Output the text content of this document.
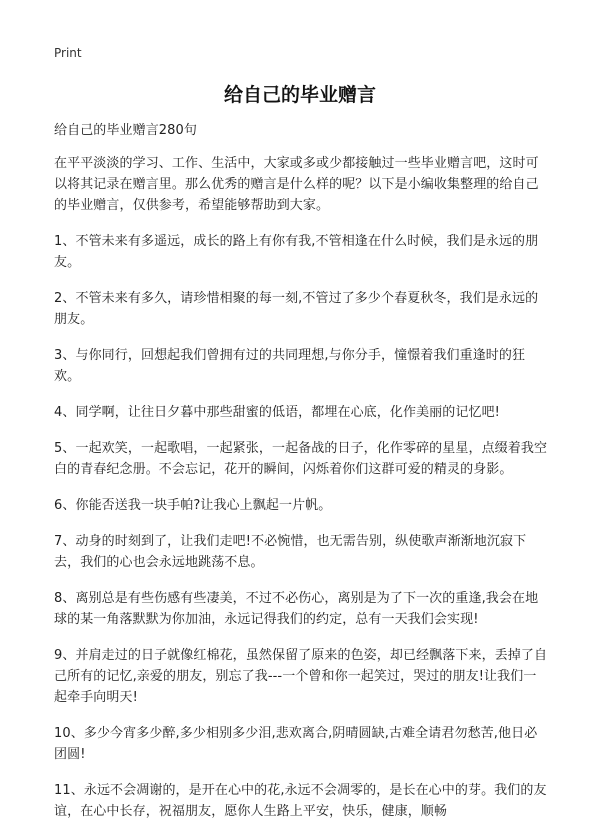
Print
给自己的毕业赠言

给自己的毕业赠言280句

在平平淡淡的学习、工作、生活中，大家或多或少都接触过一些毕业赠言吧，这时可以将其记录在赠言里。那么优秀的赠言是什么样的呢？以下是小编收集整理的给自己的毕业赠言，仅供参考，希望能够帮助到大家。

1、不管未来有多遥远，成长的路上有你有我,不管相逢在什么时候，我们是永远的朋友。

2、不管未来有多久，请珍惜相聚的每一刻,不管过了多少个春夏秋冬，我们是永远的朋友。

3、与你同行，回想起我们曾拥有过的共同理想,与你分手，憧憬着我们重逢时的狂欢。

4、同学啊，让往日夕暮中那些甜蜜的低语，都埋在心底，化作美丽的记忆吧!

5、一起欢笑，一起歌唱，一起紧张，一起备战的日子，化作零碎的星星，点缀着我空白的青春纪念册。不会忘记，花开的瞬间，闪烁着你们这群可爱的精灵的身影。

6、你能否送我一块手帕?让我心上飘起一片帆。

7、动身的时刻到了，让我们走吧!不必惋惜，也无需告别，纵使歌声渐渐地沉寂下去，我们的心也会永远地跳荡不息。

8、离别总是有些伤感有些凄美，不过不必伤心，离别是为了下一次的重逢,我会在地球的某一角落默默为你加油，永远记得我们的约定，总有一天我们会实现!

9、并肩走过的日子就像红棉花，虽然保留了原来的色姿，却已经飘落下来，丢掉了自己所有的记忆,亲爱的朋友，别忘了我---一个曾和你一起笑过，哭过的朋友!让我们一起牵手向明天!

10、多少今宵多少醉,多少相别多少泪,悲欢离合,阴晴圆缺,古难全请君勿愁苦,他日必团圆!

11、永远不会凋谢的，是开在心中的花,永远不会凋零的，是长在心中的芽。我们的友谊，在心中长存，祝福朋友，愿你人生路上平安，快乐，健康，顺畅
